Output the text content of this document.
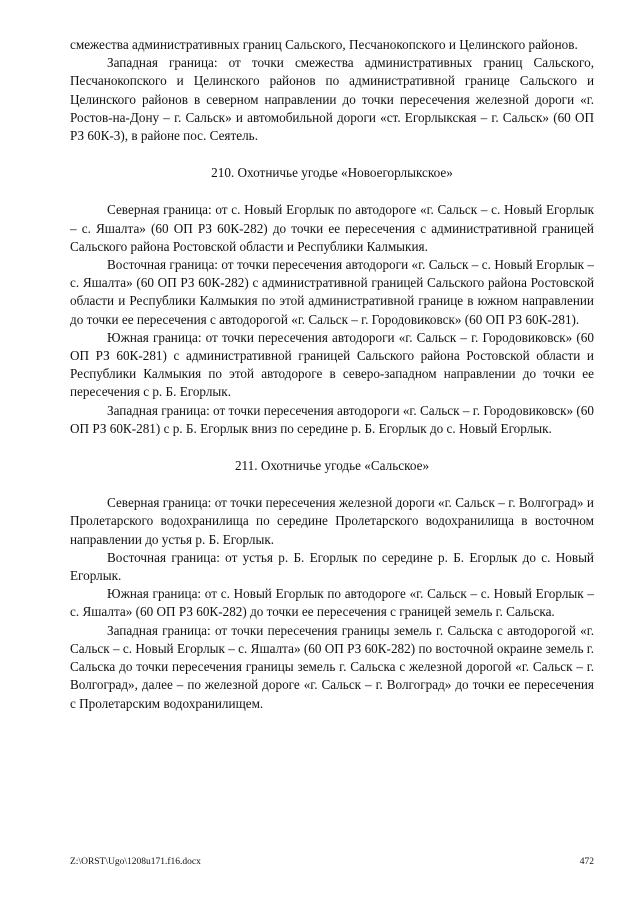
смежества административных границ Сальского, Песчанокопского и Целинского районов.

Западная граница: от точки смежества административных границ Сальского, Песчанокопского и Целинского районов по административной границе Сальского и Целинского районов в северном направлении до точки пересечения железной дороги «г. Ростов-на-Дону – г. Сальск» и автомобильной дороги «ст. Егорлыкская – г. Сальск» (60 ОП РЗ 60К-3), в районе пос. Сеятель.

210. Охотничье угодье «Новоегорлыкское»

Северная граница: от с. Новый Егорлык по автодороге «г. Сальск – с. Новый Егорлык – с. Яшалта» (60 ОП РЗ 60К-282) до точки ее пересечения с административной границей Сальского района Ростовской области и Республики Калмыкия.

Восточная граница: от точки пересечения автодороги «г. Сальск – с. Новый Егорлык – с. Яшалта» (60 ОП РЗ 60К-282) с административной границей Сальского района Ростовской области и Республики Калмыкия по этой административной границе в южном направлении до точки ее пересечения с автодорогой «г. Сальск – г. Городовиковск» (60 ОП РЗ 60К-281).

Южная граница: от точки пересечения автодороги «г. Сальск – г. Городовиковск» (60 ОП РЗ 60К-281) с административной границей Сальского района Ростовской области и Республики Калмыкия по этой автодороге в северо-западном направлении до точки ее пересечения с р. Б. Егорлык.

Западная граница: от точки пересечения автодороги «г. Сальск – г. Городовиковск» (60 ОП РЗ 60К-281) с р. Б. Егорлык вниз по середине р. Б. Егорлык до с. Новый Егорлык.

211. Охотничье угодье «Сальское»

Северная граница: от точки пересечения железной дороги «г. Сальск – г. Волгоград» и Пролетарского водохранилища по середине Пролетарского водохранилища в восточном направлении до устья р. Б. Егорлык.

Восточная граница: от устья р. Б. Егорлык по середине р. Б. Егорлык до с. Новый Егорлык.

Южная граница: от с. Новый Егорлык по автодороге «г. Сальск – с. Новый Егорлык – с. Яшалта» (60 ОП РЗ 60К-282) до точки ее пересечения с границей земель г. Сальска.

Западная граница: от точки пересечения границы земель г. Сальска с автодорогой «г. Сальск – с. Новый Егорлык – с. Яшалта» (60 ОП РЗ 60К-282) по восточной окраине земель г. Сальска до точки пересечения границы земель г. Сальска с железной дорогой «г. Сальск – г. Волгоград», далее – по железной дороге «г. Сальск – г. Волгоград» до точки ее пересечения с Пролетарским водохранилищем.

Z:\ORST\Ugo\1208u171.f16.docx	472
